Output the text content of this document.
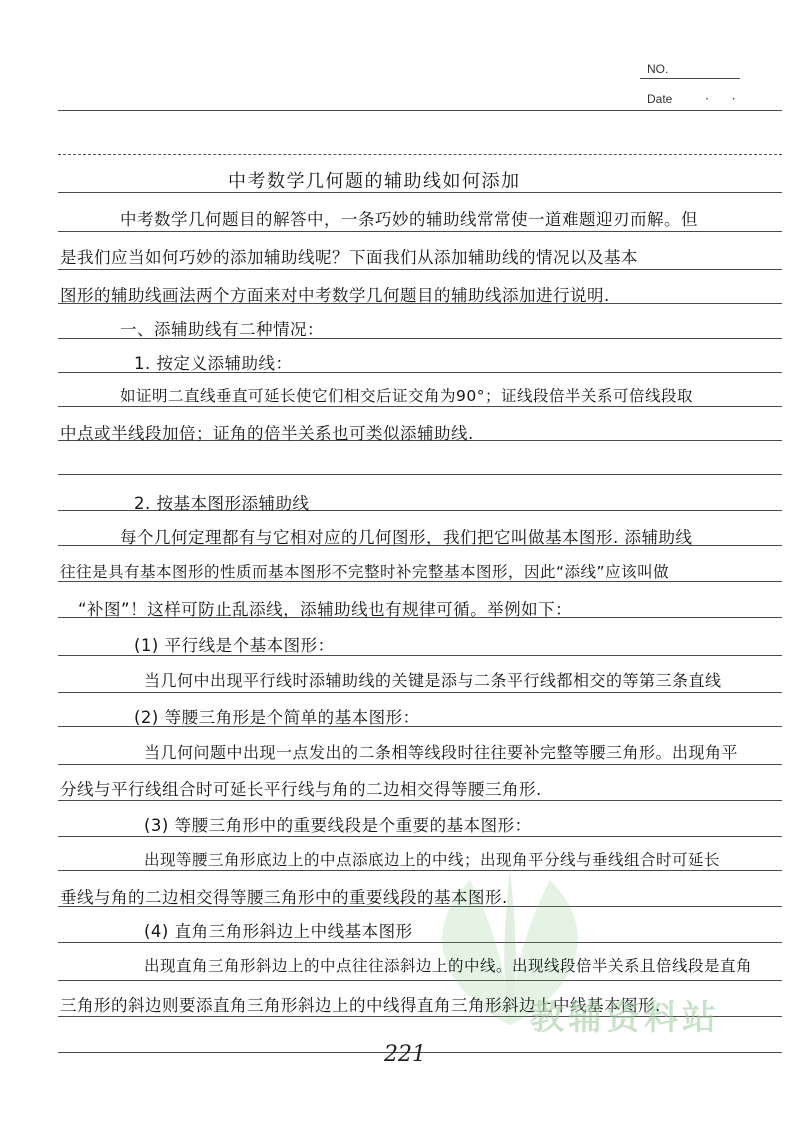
NO.
Date	·      ·
中考数学几何题的辅助线如何添加
中考数学几何题目的解答中，一条巧妙的辅助线常常使一道难题迎刃而解。但
是我们应当如何巧妙的添加辅助线呢？下面我们从添加辅助线的情况以及基本
图形的辅助线画法两个方面来对中考数学几何题目的辅助线添加进行说明.
一、添辅助线有二种情况：
1. 按定义添辅助线：
如证明二直线垂直可延长使它们相交后证交角为90°；证线段倍半关系可倍线段取
中点或半线段加倍；证角的倍半关系也可类似添辅助线.
2. 按基本图形添辅助线
每个几何定理都有与它相对应的几何图形，我们把它叫做基本图形. 添辅助线
往往是具有基本图形的性质而基本图形不完整时补完整基本图形，因此“添线”应该叫做
“补图”！这样可防止乱添线，添辅助线也有规律可循。举例如下：
(1) 平行线是个基本图形：
当几何中出现平行线时添辅助线的关键是添与二条平行线都相交的等第三条直线
(2) 等腰三角形是个简单的基本图形：
当几何问题中出现一点发出的二条相等线段时往往要补完整等腰三角形。出现角平
分线与平行线组合时可延长平行线与角的二边相交得等腰三角形.
(3) 等腰三角形中的重要线段是个重要的基本图形：
出现等腰三角形底边上的中点添底边上的中线；出现角平分线与垂线组合时可延长
垂线与角的二边相交得等腰三角形中的重要线段的基本图形.
(4) 直角三角形斜边上中线基本图形
出现直角三角形斜边上的中点往往添斜边上的中线。出现线段倍半关系且倍线段是直角
三角形的斜边则要添直角三角形斜边上的中线得直角三角形斜边上中线基本图形.
教辅资料站
221
